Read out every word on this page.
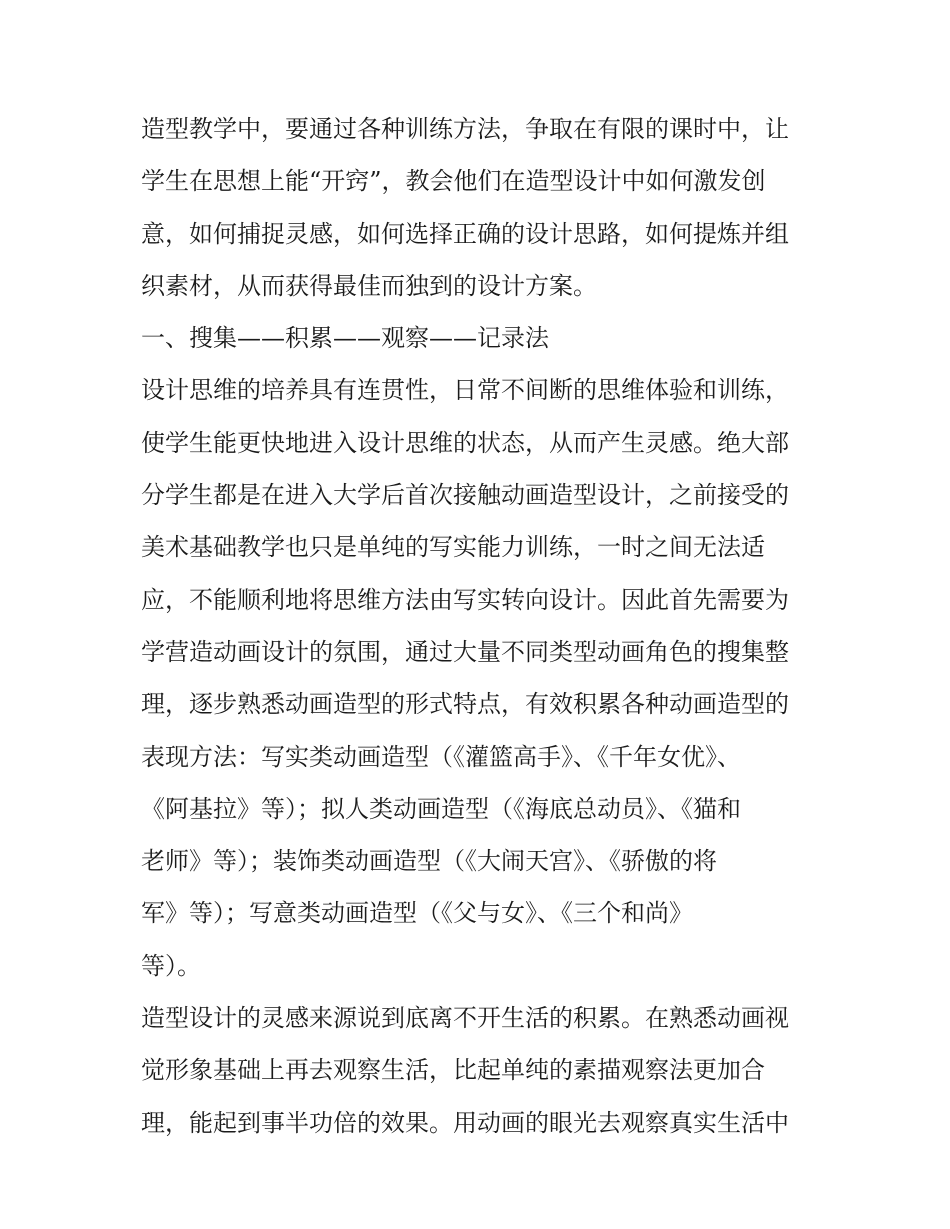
造型教学中，要通过各种训练方法，争取在有限的课时中，让
学生在思想上能“开窍”，教会他们在造型设计中如何激发创
意，如何捕捉灵感，如何选择正确的设计思路，如何提炼并组
织素材，从而获得最佳而独到的设计方案。
一、搜集——积累——观察——记录法
设计思维的培养具有连贯性，日常不间断的思维体验和训练，
使学生能更快地进入设计思维的状态，从而产生灵感。绝大部
分学生都是在进入大学后首次接触动画造型设计，之前接受的
美术基础教学也只是单纯的写实能力训练，一时之间无法适
应，不能顺利地将思维方法由写实转向设计。因此首先需要为
学营造动画设计的氛围，通过大量不同类型动画角色的搜集整
理，逐步熟悉动画造型的形式特点，有效积累各种动画造型的
表现方法：写实类动画造型（《灌篮高手》、《千年女优》、
《阿基拉》等）；拟人类动画造型（《海底总动员》、《猫和
老师》等）；装饰类动画造型（《大闹天宫》、《骄傲的将
军》等）；写意类动画造型（《父与女》、《三个和尚》
等）。
造型设计的灵感来源说到底离不开生活的积累。在熟悉动画视
觉形象基础上再去观察生活，比起单纯的素描观察法更加合
理，能起到事半功倍的效果。用动画的眼光去观察真实生活中
